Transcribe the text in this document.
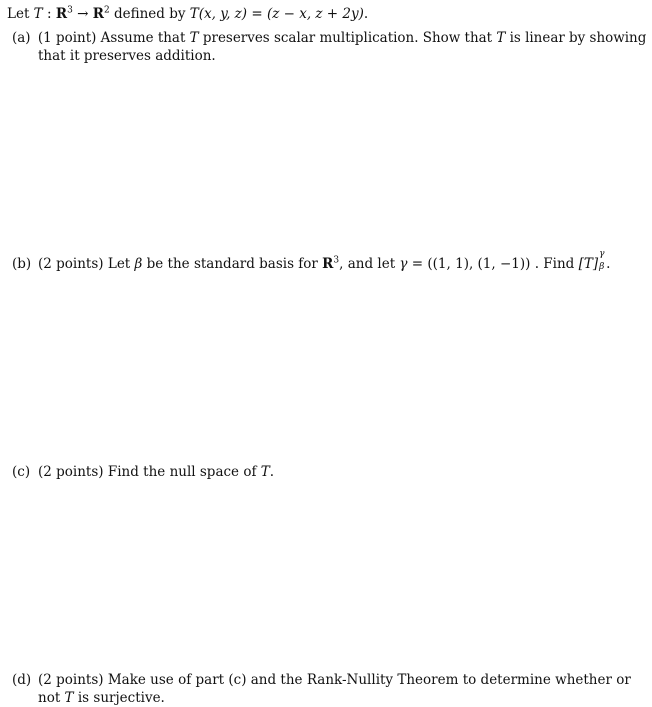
Let T : $R^3 \to R^2$ defined by T(x, y, z) = (z − x, z + 2y).
(a) (1 point) Assume that T preserves scalar multiplication. Show that T is linear by showing
that it preserves addition.
(b) (2 points) Let β be the standard basis for $R^3$, and let γ = ((1, 1), (1, −1)) . Find [T]
γ
β .
(c) (2 points) Find the null space of T.
(d) (2 points) Make use of part (c) and the Rank-Nullity Theorem to determine whether or
not T is surjective.
